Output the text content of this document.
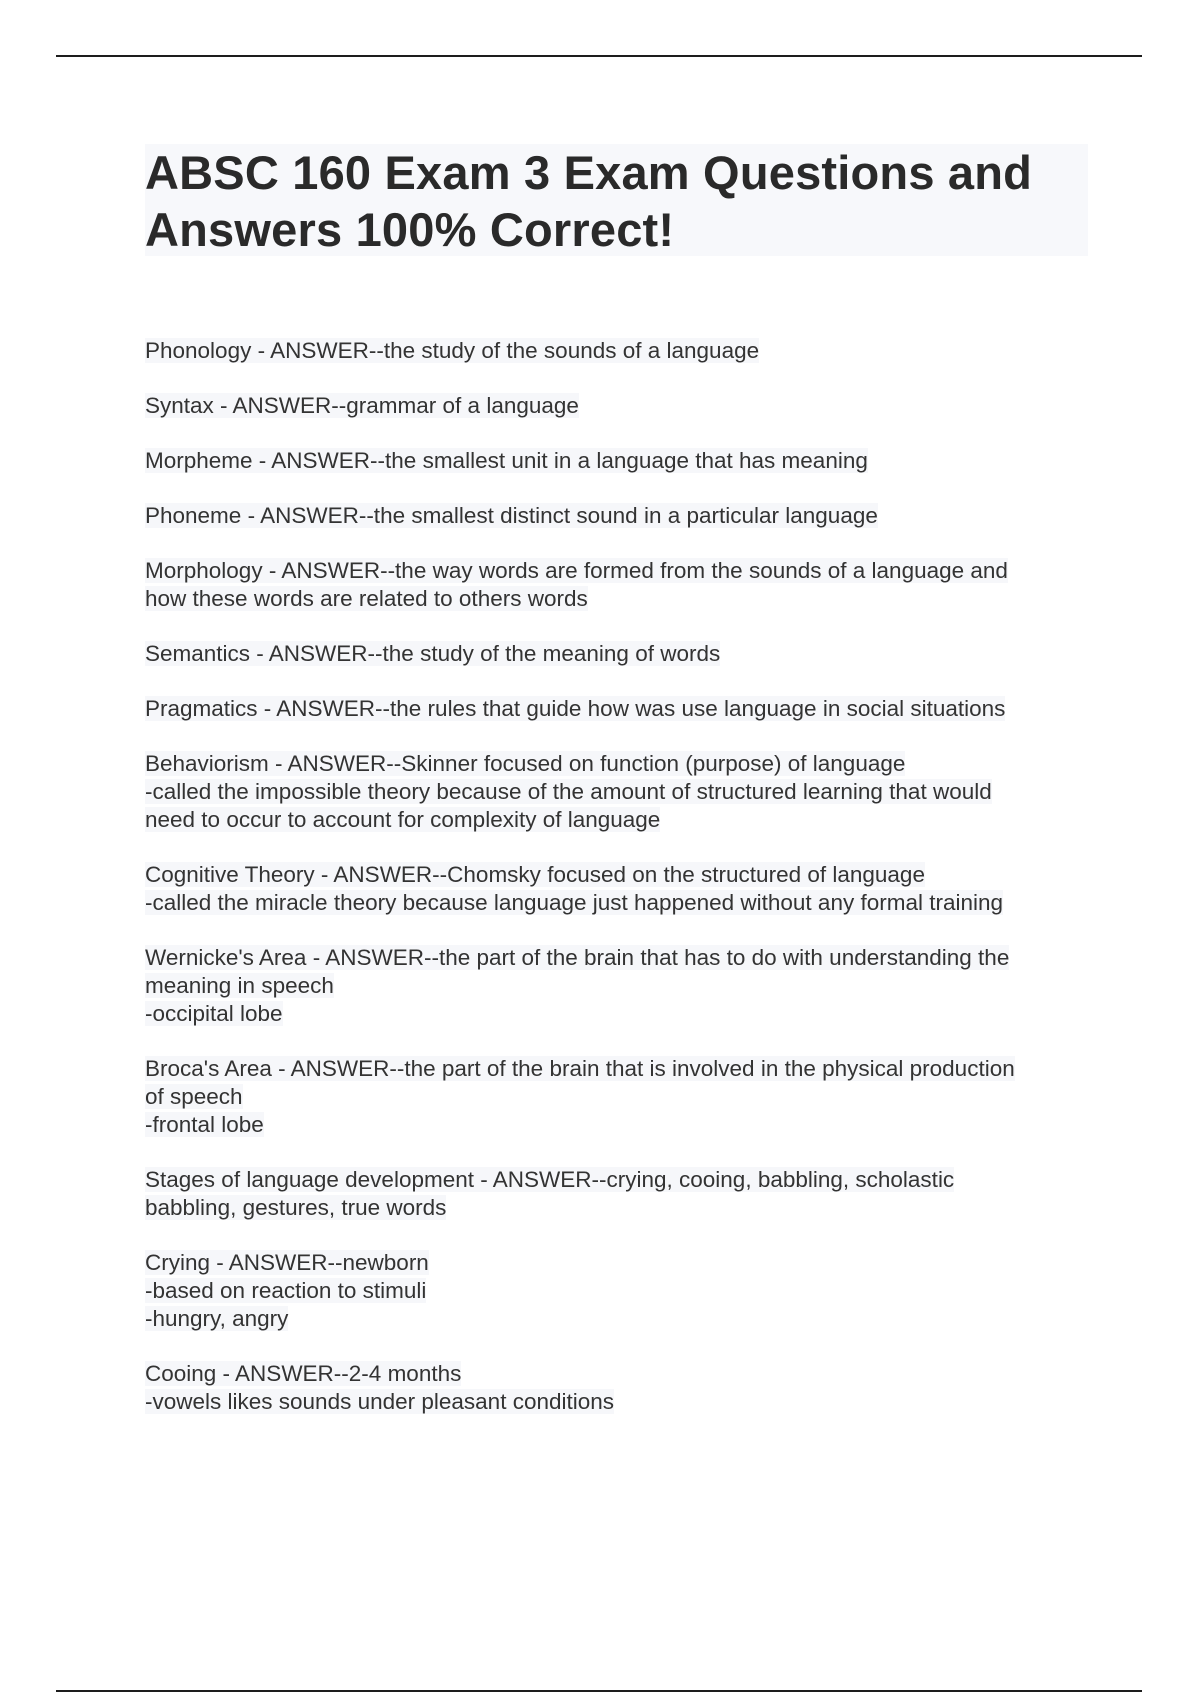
ABSC 160 Exam 3 Exam Questions and
Answers 100% Correct!
Phonology - ANSWER--the study of the sounds of a language
Syntax - ANSWER--grammar of a language
Morpheme - ANSWER--the smallest unit in a language that has meaning
Phoneme - ANSWER--the smallest distinct sound in a particular language
Morphology - ANSWER--the way words are formed from the sounds of a language and
how these words are related to others words
Semantics - ANSWER--the study of the meaning of words
Pragmatics - ANSWER--the rules that guide how was use language in social situations
Behaviorism - ANSWER--Skinner focused on function (purpose) of language
-called the impossible theory because of the amount of structured learning that would
need to occur to account for complexity of language
Cognitive Theory - ANSWER--Chomsky focused on the structured of language
-called the miracle theory because language just happened without any formal training
Wernicke's Area - ANSWER--the part of the brain that has to do with understanding the
meaning in speech
-occipital lobe
Broca's Area - ANSWER--the part of the brain that is involved in the physical production
of speech
-frontal lobe
Stages of language development - ANSWER--crying, cooing, babbling, scholastic
babbling, gestures, true words
Crying - ANSWER--newborn
-based on reaction to stimuli
-hungry, angry
Cooing - ANSWER--2-4 months
-vowels likes sounds under pleasant conditions
